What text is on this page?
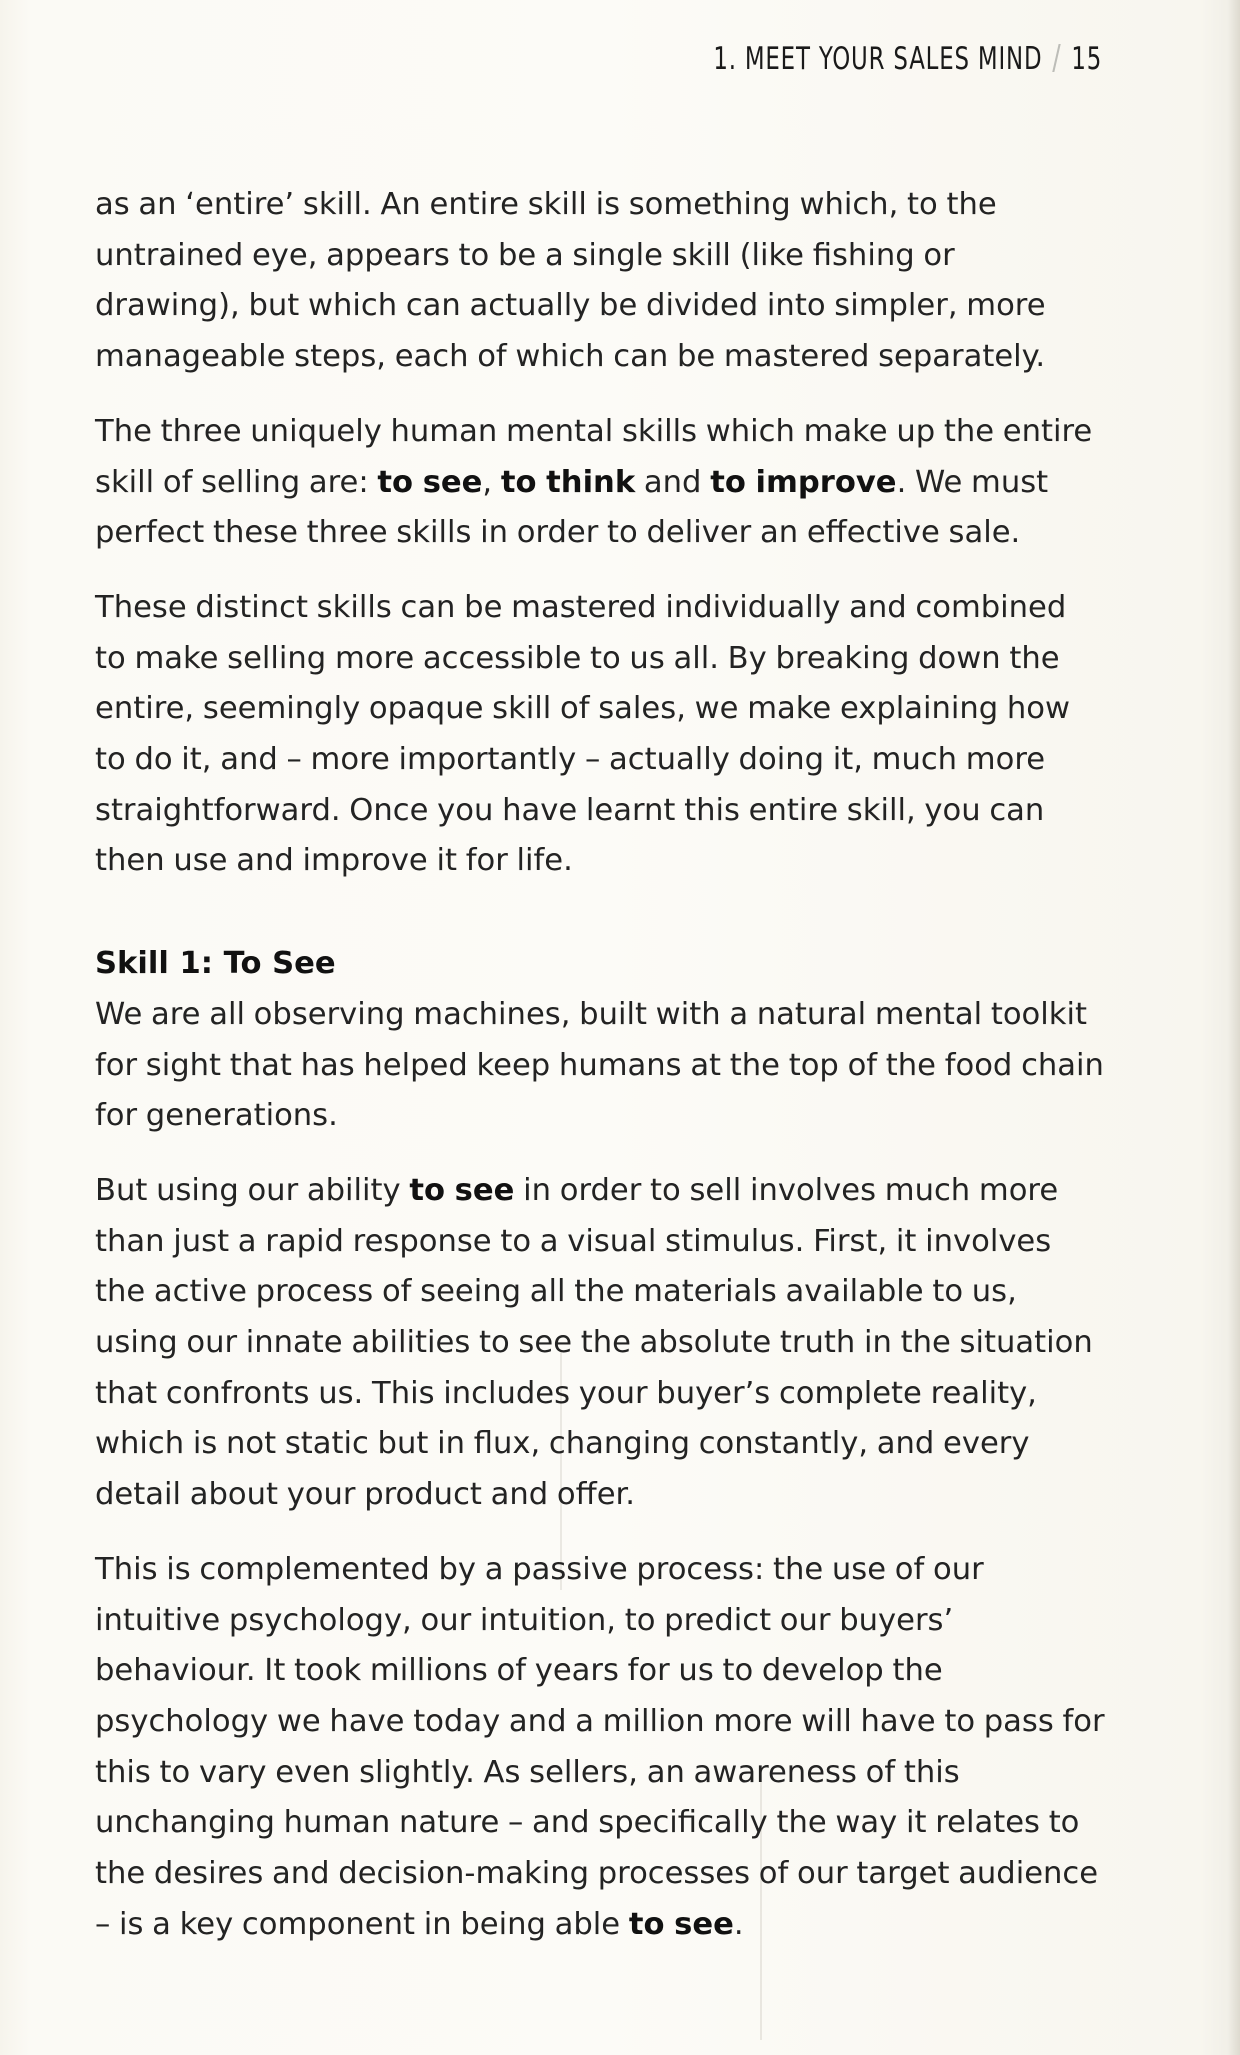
1. MEET YOUR SALES MIND / 15

as an ‘entire’ skill. An entire skill is something which, to the untrained eye, appears to be a single skill (like fishing or drawing), but which can actually be divided into simpler, more manageable steps, each of which can be mastered separately.

The three uniquely human mental skills which make up the entire skill of selling are: to see, to think and to improve. We must perfect these three skills in order to deliver an effective sale.

These distinct skills can be mastered individually and combined to make selling more accessible to us all. By breaking down the entire, seemingly opaque skill of sales, we make explaining how to do it, and – more importantly – actually doing it, much more straightforward. Once you have learnt this entire skill, you can then use and improve it for life.

Skill 1: To See

We are all observing machines, built with a natural mental toolkit for sight that has helped keep humans at the top of the food chain for generations.

But using our ability to see in order to sell involves much more than just a rapid response to a visual stimulus. First, it involves the active process of seeing all the materials available to us, using our innate abilities to see the absolute truth in the situation that confronts us. This includes your buyer’s complete reality, which is not static but in flux, changing constantly, and every detail about your product and offer.

This is complemented by a passive process: the use of our intuitive psychology, our intuition, to predict our buyers’ behaviour. It took millions of years for us to develop the psychology we have today and a million more will have to pass for this to vary even slightly. As sellers, an awareness of this unchanging human nature – and specifically the way it relates to the desires and decision-making processes of our target audience – is a key component in being able to see.
